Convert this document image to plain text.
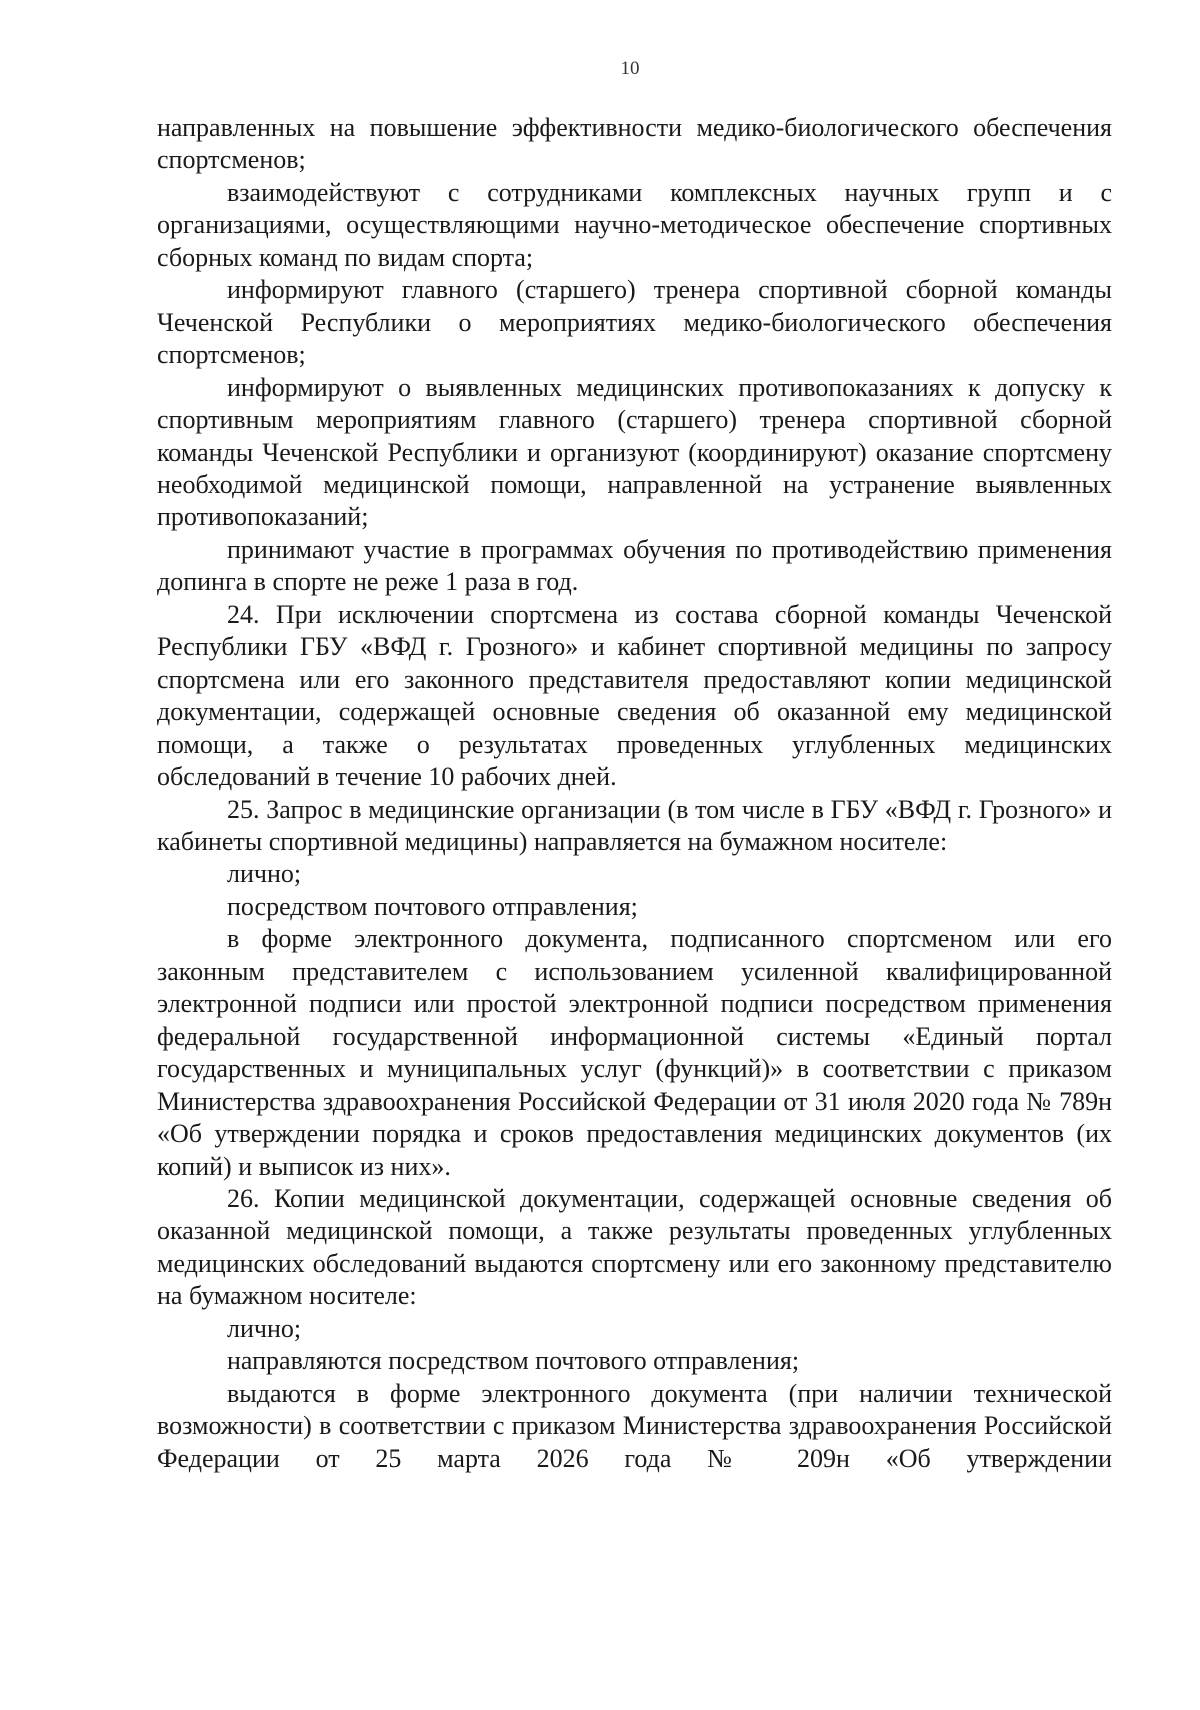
10

направленных на повышение эффективности медико-биологического обеспечения спортсменов;

взаимодействуют с сотрудниками комплексных научных групп и с организациями, осуществляющими научно-методическое обеспечение спортивных сборных команд по видам спорта;

информируют главного (старшего) тренера спортивной сборной команды Чеченской Республики о мероприятиях медико-биологического обеспечения спортсменов;

информируют о выявленных медицинских противопоказаниях к допуску к спортивным мероприятиям главного (старшего) тренера спортивной сборной команды Чеченской Республики и организуют (координируют) оказание спортсмену необходимой медицинской помощи, направленной на устранение выявленных противопоказаний;

принимают участие в программах обучения по противодействию применения допинга в спорте не реже 1 раза в год.

24. При исключении спортсмена из состава сборной команды Чеченской Республики ГБУ «ВФД г. Грозного» и кабинет спортивной медицины по запросу спортсмена или его законного представителя предоставляют копии медицинской документации, содержащей основные сведения об оказанной ему медицинской помощи, а также о результатах проведенных углубленных медицинских обследований в течение 10 рабочих дней.

25. Запрос в медицинские организации (в том числе в ГБУ «ВФД г. Грозного» и кабинеты спортивной медицины) направляется на бумажном носителе:

лично;

посредством почтового отправления;

в форме электронного документа, подписанного спортсменом или его законным представителем с использованием усиленной квалифицированной электронной подписи или простой электронной подписи посредством применения федеральной государственной информационной системы «Единый портал государственных и муниципальных услуг (функций)» в соответствии с приказом Министерства здравоохранения Российской Федерации от 31 июля 2020 года № 789н «Об утверждении порядка и сроков предоставления медицинских документов (их копий) и выписок из них».

26. Копии медицинской документации, содержащей основные сведения об оказанной медицинской помощи, а также результаты проведенных углубленных медицинских обследований выдаются спортсмену или его законному представителю на бумажном носителе:

лично;

направляются посредством почтового отправления;

выдаются в форме электронного документа (при наличии технической возможности) в соответствии с приказом Министерства здравоохранения Российской Федерации от 25 марта 2026 года № 209н «Об утверждении
